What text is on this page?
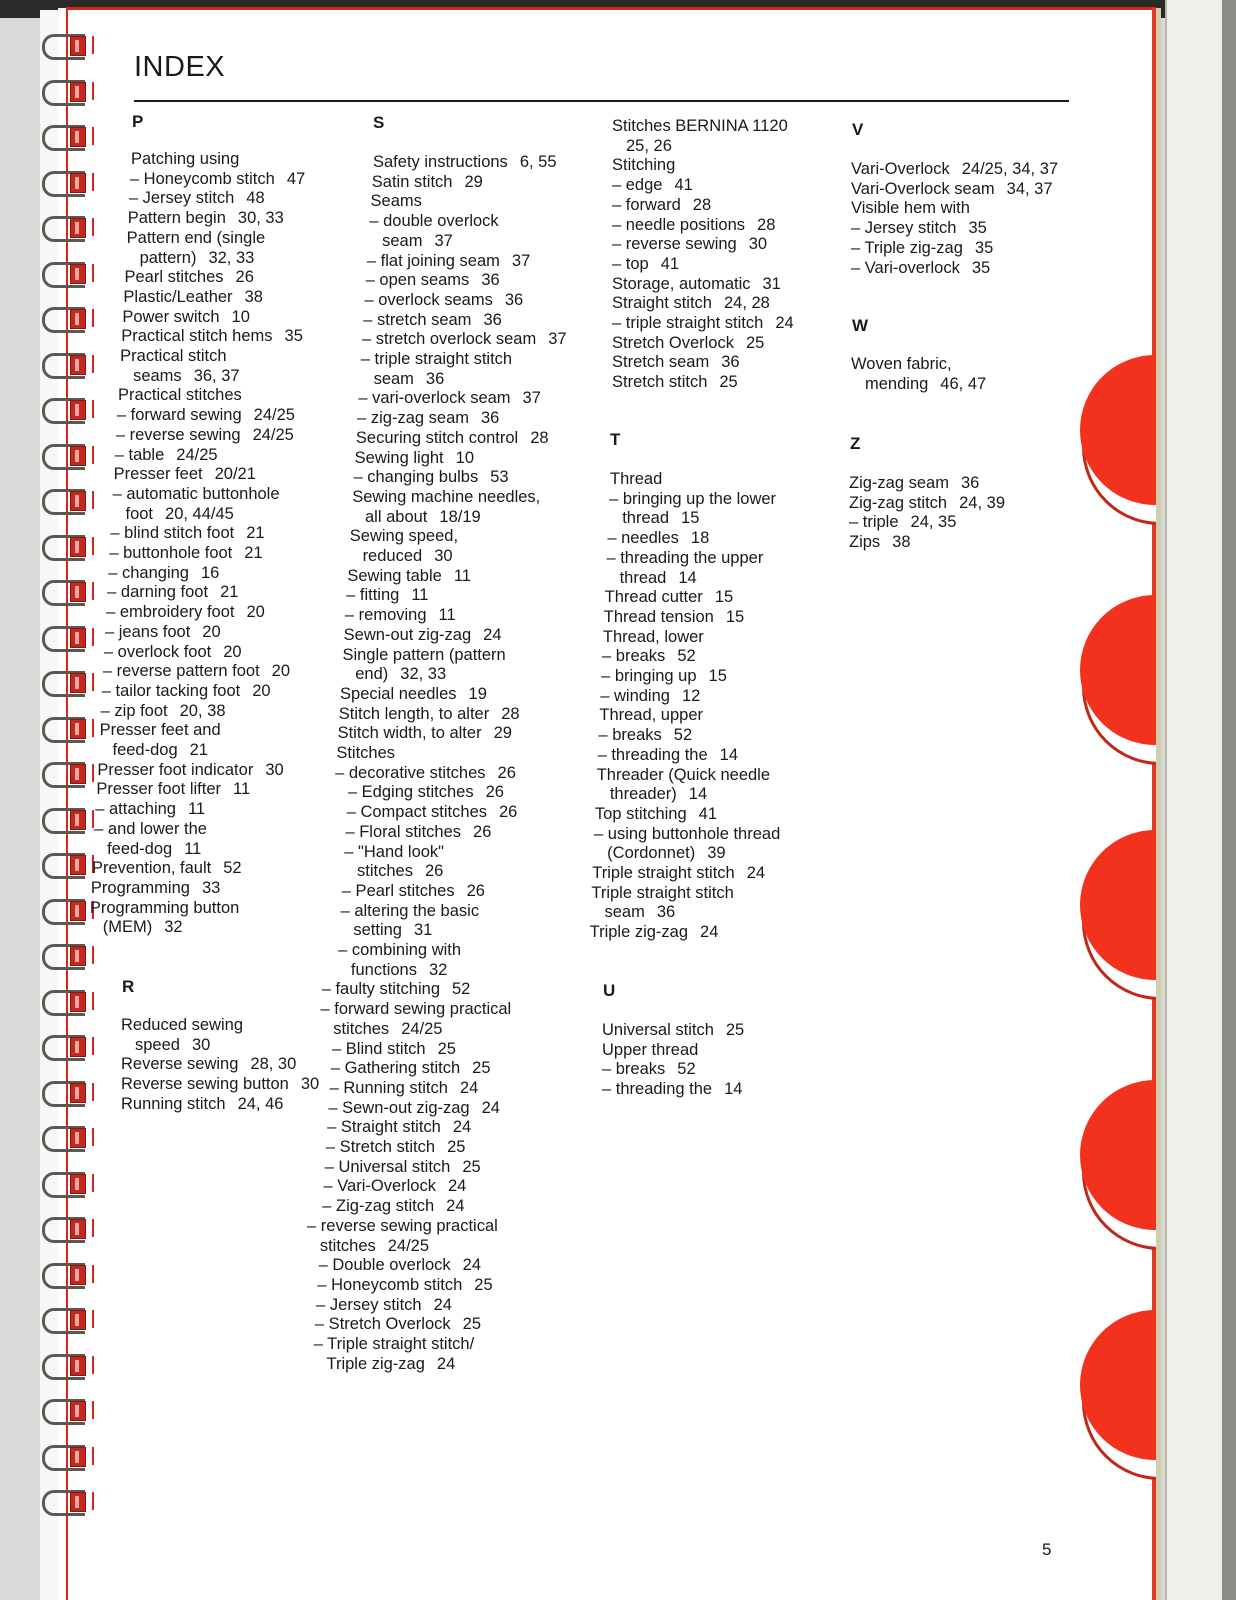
INDEX
P
Patching using
– Honeycomb stitch 47
– Jersey stitch 48
Pattern begin 30, 33
Pattern end (single
pattern) 32, 33
Pearl stitches 26
Plastic/Leather 38
Power switch 10
Practical stitch hems 35
Practical stitch
seams 36, 37
Practical stitches
– forward sewing 24/25
– reverse sewing 24/25
– table 24/25
Presser feet 20/21
– automatic buttonhole
foot 20, 44/45
– blind stitch foot 21
– buttonhole foot 21
– changing 16
– darning foot 21
– embroidery foot 20
– jeans foot 20
– overlock foot 20
– reverse pattern foot 20
– tailor tacking foot 20
– zip foot 20, 38
Presser feet and
feed-dog 21
Presser foot indicator 30
Presser foot lifter 11
– attaching 11
– and lower the
feed-dog 11
Prevention, fault 52
Programming 33
Programming button
(MEM) 32
R
Reduced sewing
speed 30
Reverse sewing 28, 30
Reverse sewing button 30
Running stitch 24, 46
S
Safety instructions 6, 55
Satin stitch 29
Seams
– double overlock
seam 37
– flat joining seam 37
– open seams 36
– overlock seams 36
– stretch seam 36
– stretch overlock seam 37
– triple straight stitch
seam 36
– vari-overlock seam 37
– zig-zag seam 36
Securing stitch control 28
Sewing light 10
– changing bulbs 53
Sewing machine needles,
all about 18/19
Sewing speed,
reduced 30
Sewing table 11
– fitting 11
– removing 11
Sewn-out zig-zag 24
Single pattern (pattern
end) 32, 33
Special needles 19
Stitch length, to alter 28
Stitch width, to alter 29
Stitches
– decorative stitches 26
– Edging stitches 26
– Compact stitches 26
– Floral stitches 26
– "Hand look"
stitches 26
– Pearl stitches 26
– altering the basic
setting 31
– combining with
functions 32
– faulty stitching 52
– forward sewing practical
stitches 24/25
– Blind stitch 25
– Gathering stitch 25
– Running stitch 24
– Sewn-out zig-zag 24
– Straight stitch 24
– Stretch stitch 25
– Universal stitch 25
– Vari-Overlock 24
– Zig-zag stitch 24
– reverse sewing practical
stitches 24/25
– Double overlock 24
– Honeycomb stitch 25
– Jersey stitch 24
– Stretch Overlock 25
– Triple straight stitch/
Triple zig-zag 24
Stitches BERNINA 1120
25, 26
Stitching
– edge 41
– forward 28
– needle positions 28
– reverse sewing 30
– top 41
Storage, automatic 31
Straight stitch 24, 28
– triple straight stitch 24
Stretch Overlock 25
Stretch seam 36
Stretch stitch 25
T
Thread
– bringing up the lower
thread 15
– needles 18
– threading the upper
thread 14
Thread cutter 15
Thread tension 15
Thread, lower
– breaks 52
– bringing up 15
– winding 12
Thread, upper
– breaks 52
– threading the 14
Threader (Quick needle
threader) 14
Top stitching 41
– using buttonhole thread
(Cordonnet) 39
Triple straight stitch 24
Triple straight stitch
seam 36
Triple zig-zag 24
U
Universal stitch 25
Upper thread
– breaks 52
– threading the 14
V
Vari-Overlock 24/25, 34, 37
Vari-Overlock seam 34, 37
Visible hem with
– Jersey stitch 35
– Triple zig-zag 35
– Vari-overlock 35
W
Woven fabric,
mending 46, 47
Z
Zig-zag seam 36
Zig-zag stitch 24, 39
– triple 24, 35
Zips 38
5
